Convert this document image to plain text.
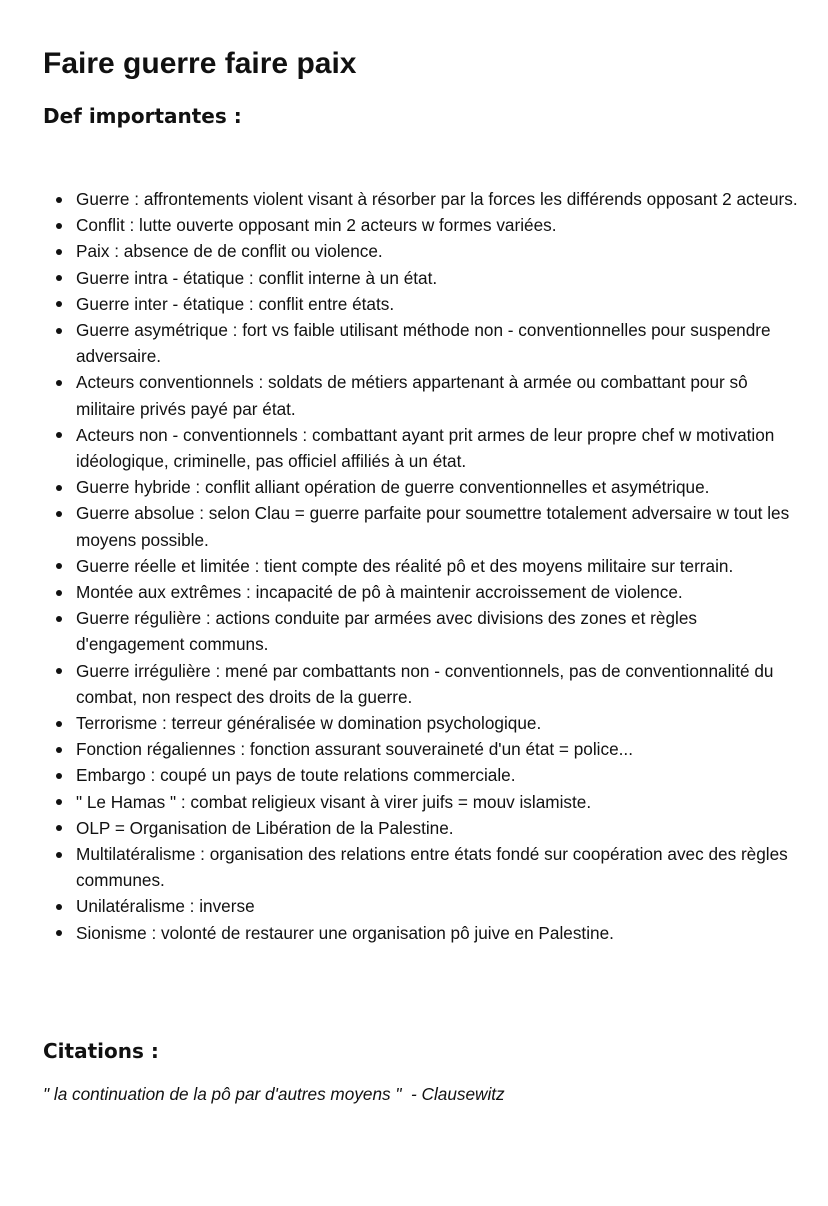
Faire guerre faire paix
Def importantes :
Guerre : affrontements violent visant à résorber par la forces les différends opposant 2 acteurs.
Conflit : lutte ouverte opposant min 2 acteurs w formes variées.
Paix : absence de de conflit ou violence.
Guerre intra - étatique : conflit interne à un état.
Guerre inter - étatique : conflit entre états.
Guerre asymétrique : fort vs faible utilisant méthode non - conventionnelles pour suspendre adversaire.
Acteurs conventionnels : soldats de métiers appartenant à armée ou combattant pour sô militaire privés payé par état.
Acteurs non - conventionnels : combattant ayant prit armes de leur propre chef w motivation idéologique, criminelle, pas officiel affiliés à un état.
Guerre hybride : conflit alliant opération de guerre conventionnelles et asymétrique.
Guerre absolue : selon Clau = guerre parfaite pour soumettre totalement adversaire w tout les moyens possible.
Guerre réelle et limitée : tient compte des réalité pô et des moyens militaire sur terrain.
Montée aux extrêmes : incapacité de pô à maintenir accroissement de violence.
Guerre régulière : actions conduite par armées avec divisions des zones et règles d'engagement communs.
Guerre irrégulière : mené par combattants non - conventionnels, pas de conventionnalité du combat, non respect des droits de la guerre.
Terrorisme : terreur généralisée w domination psychologique.
Fonction régaliennes : fonction assurant souveraineté d'un état = police...
Embargo : coupé un pays de toute relations commerciale.
" Le Hamas " : combat religieux visant à virer juifs = mouv islamiste.
OLP = Organisation de Libération de la Palestine.
Multilatéralisme : organisation des relations entre états fondé sur coopération avec des règles communes.
Unilatéralisme : inverse
Sionisme : volonté de restaurer une organisation pô juive en Palestine.
Citations :

" la continuation de la pô par d'autres moyens "  - Clausewitz
